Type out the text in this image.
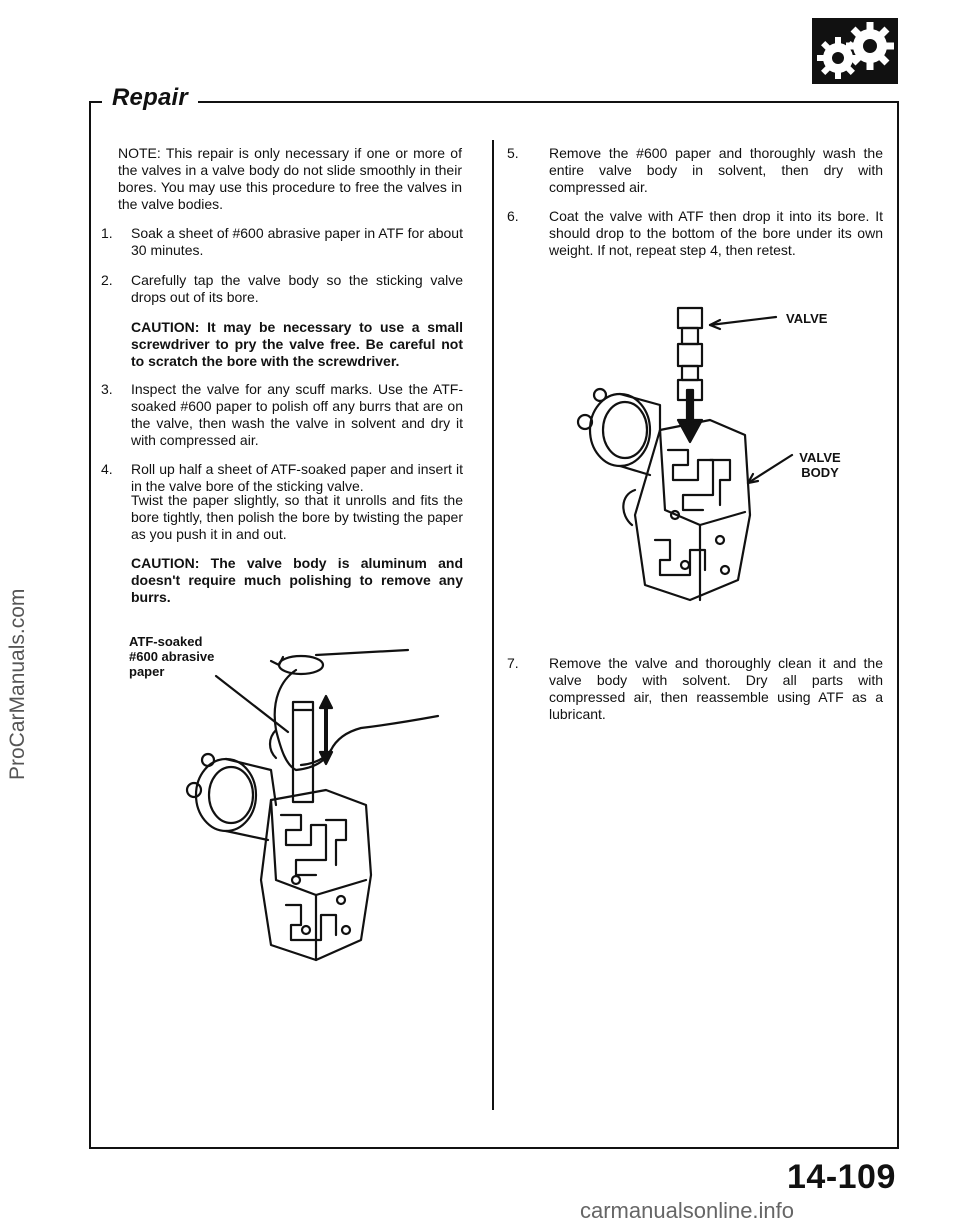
Repair
NOTE: This repair is only necessary if one or more of the valves in a valve body do not slide smoothly in their bores. You may use this procedure to free the valves in the valve bodies.
1. Soak a sheet of #600 abrasive paper in ATF for about 30 minutes.
2. Carefully tap the valve body so the sticking valve drops out of its bore.
CAUTION: It may be necessary to use a small screwdriver to pry the valve free. Be careful not to scratch the bore with the screwdriver.
3. Inspect the valve for any scuff marks. Use the ATF-soaked #600 paper to polish off any burrs that are on the valve, then wash the valve in solvent and dry it with compressed air.
4. Roll up half a sheet of ATF-soaked paper and insert it in the valve bore of the sticking valve.
Twist the paper slightly, so that it unrolls and fits the bore tightly, then polish the bore by twisting the paper as you push it in and out.
CAUTION: The valve body is aluminum and doesn't require much polishing to remove any burrs.
ATF-soaked #600 abrasive paper
5. Remove the #600 paper and thoroughly wash the entire valve body in solvent, then dry with compressed air.
6. Coat the valve with ATF then drop it into its bore. It should drop to the bottom of the bore under its own weight. If not, repeat step 4, then retest.
VALVE
VALVE BODY
7. Remove the valve and thoroughly clean it and the valve body with solvent. Dry all parts with compressed air, then reassemble using ATF as a lubricant.
14-109
ProCarManuals.com
carmanualsonline.info
